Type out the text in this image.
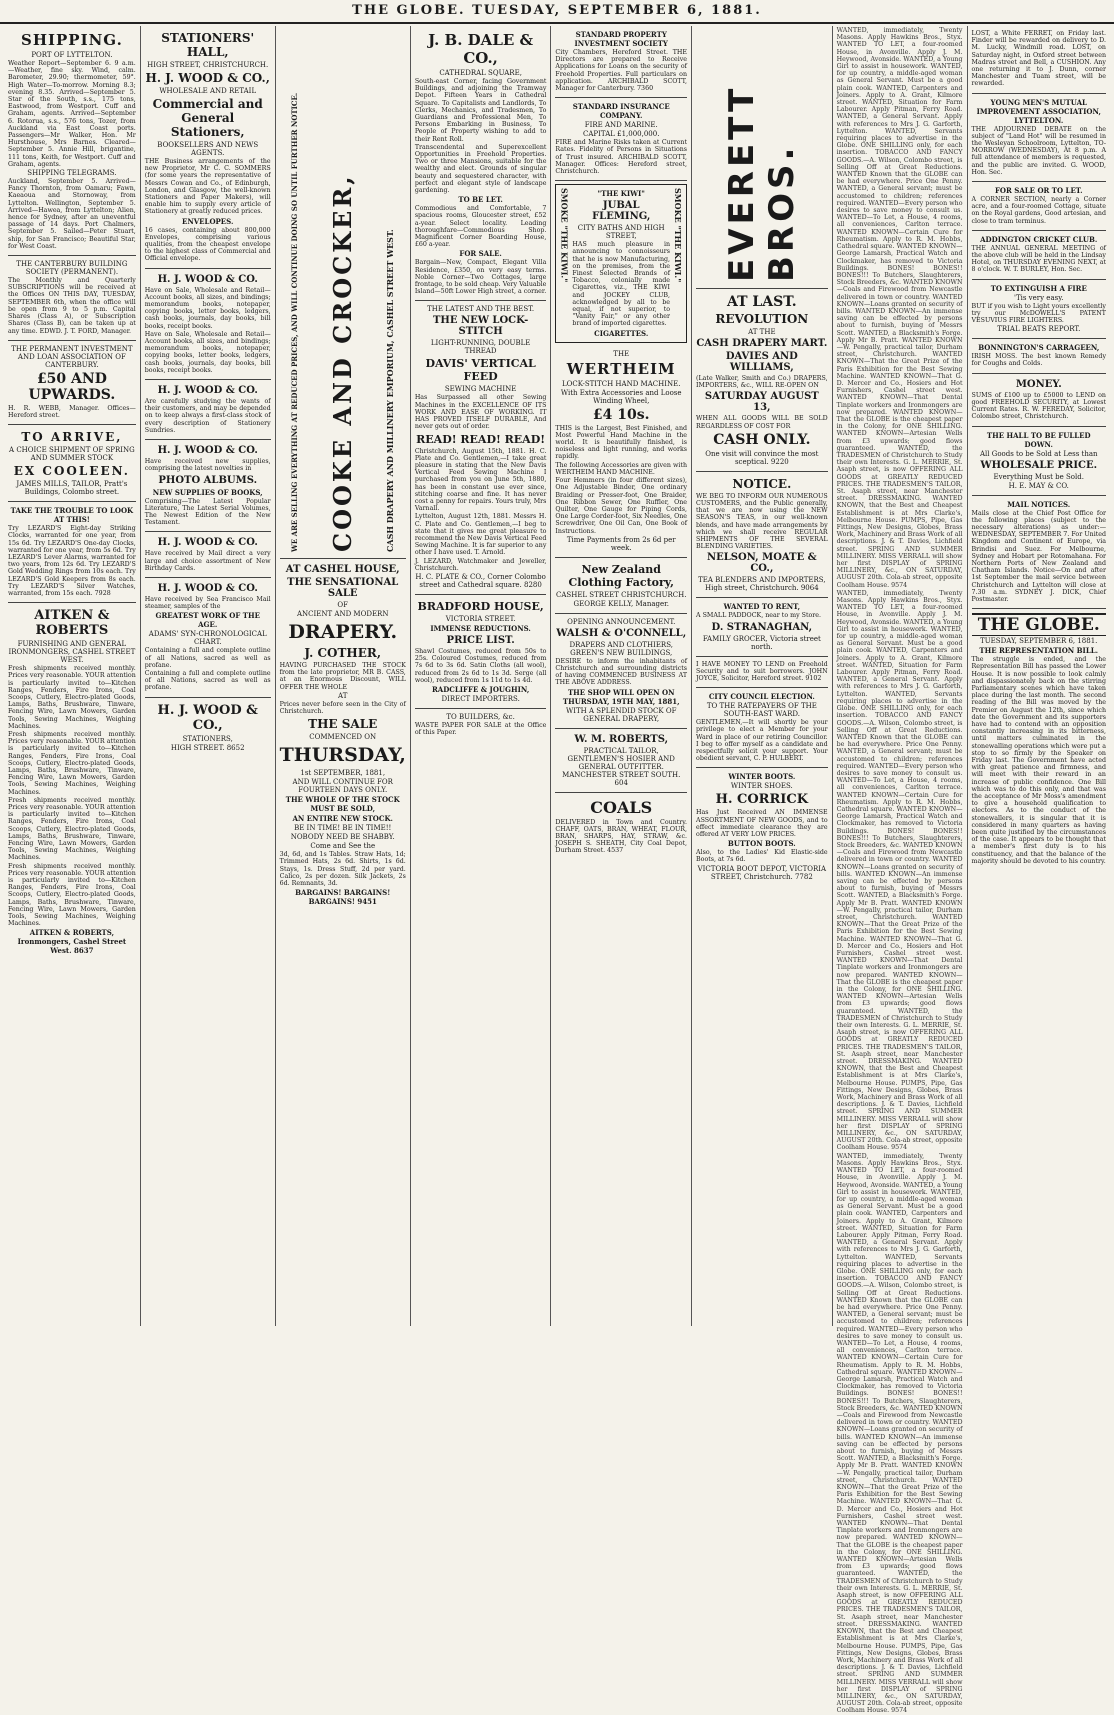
THE GLOBE. TUESDAY, SEPTEMBER 6, 1881.
SHIPPING.
PORT OF LYTTELTON.

Weather Report—September 6. 9 a.m.—Weather, fine sky. Wind, calm. Barometer, 29.90; thermometer, 59°. High Water—To-morrow. Morning 8.3; evening 8.35. Arrived—September 5. Star of the South, s.s., 175 tons, Eastwood, from Westport. Cuff and Graham, agents. Arrived—September 6. Rotorua, s.s., 576 tons, Tozer, from Auckland via East Coast ports. Passengers—Mr Walker, Hon. Mr Hursthouse, Mrs Barnes. Cleared—September 5. Annie Hill, brigantine, 111 tons, Keith, for Westport. Cuff and Graham, agents.

SHIPPING TELEGRAMS.

Auckland, September 5. Arrived—Fancy Thornton, from Oamaru; Fawn, Kaeaoua and Stornoway, from Lyttelton. Wellington, September 5. Arrived—Hawea, from Lyttelton; Alien, hence for Sydney, after an uneventful passage of 14 days. Port Chalmers, September 5. Sailed—Peter Stuart, ship, for San Francisco; Beautiful Star, for West Coast.

THE CANTERBURY BUILDING SOCIETY (PERMANENT).

The Monthly and Quarterly SUBSCRIPTIONS will be received at the Offices ON THIS DAY, TUESDAY, SEPTEMBER 6th, when the office will be open from 9 to 5 p.m. Capital Shares (Class A), or Subscription Shares (Class B), can be taken up at any time. EDWD. J. T. FORD, Manager.

THE PERMANENT INVESTMENT AND LOAN ASSOCIATION OF CANTERBURY.
£50 AND UPWARDS.

H. R. WEBB, Manager. Offices—Hereford street.

TO ARRIVE,
A CHOICE SHIPMENT OF SPRING AND SUMMER STOCK
EX COOLEEN.
JAMES MILLS, TAILOR, Pratt's Buildings, Colombo street.
TAKE THE TROUBLE TO LOOK AT THIS!

Try LEZARD'S Eight-day Striking Clocks, warranted for one year, from 15s 6d. Try LEZARD'S One-day Clocks, warranted for one year, from 5s 6d. Try LEZARD'S Lever Alarms, warranted for two years, from 12s 6d. Try LEZARD'S Gold Wedding Rings from 10s each. Try LEZARD'S Gold Keepers from 8s each. Try LEZARD'S Silver Watches, warranted, from 15s each. 7928

AITKEN & ROBERTS
FURNISHING AND GENERAL IRONMONGERS, CASHEL STREET WEST.

Fresh shipments received monthly. Prices very reasonable. YOUR attention is particularly invited to—Kitchen Ranges, Fenders, Fire Irons, Coal Scoops, Cutlery, Electro-plated Goods, Lamps, Baths, Brushware, Tinware, Fencing Wire, Lawn Mowers, Garden Tools, Sewing Machines, Weighing Machines.

Fresh shipments received monthly. Prices very reasonable. YOUR attention is particularly invited to—Kitchen Ranges, Fenders, Fire Irons, Coal Scoops, Cutlery, Electro-plated Goods, Lamps, Baths, Brushware, Tinware, Fencing Wire, Lawn Mowers, Garden Tools, Sewing Machines, Weighing Machines.

Fresh shipments received monthly. Prices very reasonable. YOUR attention is particularly invited to—Kitchen Ranges, Fenders, Fire Irons, Coal Scoops, Cutlery, Electro-plated Goods, Lamps, Baths, Brushware, Tinware, Fencing Wire, Lawn Mowers, Garden Tools, Sewing Machines, Weighing Machines.

Fresh shipments received monthly. Prices very reasonable. YOUR attention is particularly invited to—Kitchen Ranges, Fenders, Fire Irons, Coal Scoops, Cutlery, Electro-plated Goods, Lamps, Baths, Brushware, Tinware, Fencing Wire, Lawn Mowers, Garden Tools, Sewing Machines, Weighing Machines.

AITKEN & ROBERTS, Ironmongers, Cashel Street West. 8637
STATIONERS' HALL,
HIGH STREET, CHRISTCHURCH.
H. J. WOOD & CO.,
WHOLESALE AND RETAIL
Commercial and General Stationers,
BOOKSELLERS AND NEWS AGENTS.

THE Business arrangements of the new Proprietor, Mr C. C. SOMMERS (for some years the representative of Messrs Cowan and Co., of Edinburgh, London, and Glasgow, the well-known Stationers and Paper Makers), will enable him to supply every article of Stationery at greatly reduced prices.

ENVELOPES.

16 cases, containing about 800,000 Envelopes, comprising various qualities, from the cheapest envelope to the highest class of Commercial and Official envelope.

H. J. WOOD & CO.

Have on Sale, Wholesale and Retail—Account books, all sizes, and bindings; memorandum books, notepaper, copying books, letter books, ledgers, cash books, journals, day books, bill books, receipt books.

Have on Sale, Wholesale and Retail—Account books, all sizes, and bindings; memorandum books, notepaper, copying books, letter books, ledgers, cash books, journals, day books, bill books, receipt books.

H. J. WOOD & CO.

Are carefully studying the wants of their customers, and may be depended on to keep always a first-class stock of every description of Stationery Sundries.

H. J. WOOD & CO.

Have received new supplies, comprising the latest novelties in

PHOTO ALBUMS.
NEW SUPPLIES OF BOOKS,

Comprising—The Latest Popular Literature, The Latest Serial Volumes, The Newest Edition of the New Testament.

H. J. WOOD & CO.

Have received by Mail direct a very large and choice assortment of New Birthday Cards.

H. J. WOOD & CO.

Have received by Sea Francisco Mail steamer, samples of the

GREATEST WORK OF THE AGE.
ADAMS' SYN-CHRONOLOGICAL CHART.

Containing a full and complete outline of all Nations, sacred as well as profane.

Containing a full and complete outline of all Nations, sacred as well as profane.

H. J. WOOD & CO.,
STATIONERS,
HIGH STREET. 8652
WE ARE SELLING EVERYTHING AT REDUCED PRICES, AND WILL CONTINUE DOING SO UNTIL FURTHER NOTICE. COOKE AND CROCKER,	CASH DRAPERY AND MILLINERY EMPORIUM, CASHEL STREET WEST.
AT CASHEL HOUSE,
THE SENSATIONAL SALE
OF
ANCIENT AND MODERN
DRAPERY.
J. COTHER,

HAVING PURCHASED THE STOCK from the late proprietor, MR B. CASS, at an Enormous Discount, WILL OFFER THE WHOLE

AT

Prices never before seen in the City of Christchurch.

THE SALE
COMMENCED ON
THURSDAY,
1st SEPTEMBER, 1881,
AND WILL CONTINUE FOR FOURTEEN DAYS ONLY.
THE WHOLE OF THE STOCK MUST BE SOLD,
AN ENTIRE NEW STOCK.
BE IN TIME! BE IN TIME!!
NOBODY NEED BE SHABBY.
Come and See the

3d, 6d, and 1s Tables. Straw Hats, 1d; Trimmed Hats, 2s 6d. Shirts, 1s 6d. Stays, 1s. Dress Stuff, 2d per yard. Calico, 2s per dozen. Silk Jackets, 2s 6d. Remnants, 3d.

BARGAINS! BARGAINS! BARGAINS! 9451
J. B. DALE & CO.,
CATHEDRAL SQUARE,

South-east Corner, facing Government Buildings, and adjoining the Tramway Depot. Fifteen Years in Cathedral Square. To Capitalists and Landlords, To Clerks, Mechanics, and Tradesmen, To Guardians and Professional Men, To Persons Embarking in Business, To People of Property wishing to add to their Rent Roll.

Transcendental and Superexcellent Opportunities in Freehold Properties. Two or three Mansions, suitable for the wealthy and elect. Grounds of singular beauty and sequestered character, with perfect and elegant style of landscape gardening.

TO BE LET.

Commodious and Comfortable, 7 spacious rooms, Gloucester street, £52 a-year. Select locality. Leading thoroughfare—Commodious Shop. Magnificent Corner Boarding House, £60 a-year.

FOR SALE.

Bargain—New, Compact, Elegant Villa Residence, £350, on very easy terms. Noble Corner—Two Cottages, large frontage, to be sold cheap. Very Valuable Island—50ft Lower High street, a corner.

THE LATEST AND THE BEST.
THE NEW LOCK-STITCH
LIGHT-RUNNING, DOUBLE THREAD
DAVIS' VERTICAL FEED
SEWING MACHINE

Has Surpassed all other Sewing Machines in the EXCELLENCE OF ITS WORK AND EASE OF WORKING. IT HAS PROVED ITSELF DURABLE, And never gets out of order.

READ! READ! READ!

Christchurch, August 15th, 1881. H. C. Plate and Co. Gentlemen,—I take great pleasure in stating that the New Davis Vertical Feed Sewing Machine I purchased from you on June 5th, 1880, has been in constant use ever since, stitching coarse and fine. It has never cost a penny for repairs. Yours truly, Mrs Varnall.

Lyttelton, August 12th, 1881. Messrs H. C. Plate and Co. Gentlemen,—I beg to state that it gives me great pleasure to recommend the New Davis Vertical Feed Sewing Machine. It is far superior to any other I have used. T. Arnold.

J. LEZARD, Watchmaker and Jeweller, Christchurch.

H. C. PLATE & CO., Corner Colombo street and Cathedral square. 8280
BRADFORD HOUSE,
VICTORIA STREET.
IMMENSE REDUCTIONS.
PRICE LIST.

Shawl Costumes, reduced from 50s to 25s. Coloured Costumes, reduced from 7s 6d to 3s 6d. Satin Cloths (all wool), reduced from 2s 6d to 1s 3d. Serge (all wool), reduced from 1s 11d to 1s 4d.

RADCLIFFE & JOUGHIN,
DIRECT IMPORTERS.
TO BUILDERS, &c.

WASTE PAPER FOR SALE at the Office of this Paper.

STANDARD PROPERTY INVESTMENT SOCIETY

City Chambers, Hereford Street. THE Directors are prepared to Receive Applications for Loans on the security of Freehold Properties. Full particulars on application. ARCHIBALD SCOTT, Manager for Canterbury. 7360

STANDARD INSURANCE COMPANY.
FIRE AND MARINE.
CAPITAL £1,000,000.

FIRE and Marine Risks taken at Current Rates. Fidelity of Persons in Situations of Trust insured. ARCHIBALD SCOTT, Manager. Offices: Hereford street, Christchurch.

SMOKE "THE KIWI."	"THE KIWI"
JUBAL FLEMING,
CITY BATHS AND HIGH STREET,

HAS much pleasure in announcing to connoisseurs that he is now Manufacturing, on the premises, from the Finest Selected Brands of Tobacco, colonially made Cigarettes, viz., THE KIWI and JOCKEY CLUB, acknowledged by all to be equal, if not superior, to "Vanity Fair," or any other brand of imported cigarettes.

CIGARETTES.
SMOKE "THE KIWI."
THE
WERTHEIM
LOCK-STITCH HAND MACHINE.
With Extra Accessories and Loose Winding Wheel,
£4 10s.

THIS is the Largest, Best Finished, and Most Powerful Hand Machine in the world. It is beautifully finished, is noiseless and light running, and works rapidly.

The following Accessories are given with WERTHEIM HAND MACHINE.

Four Hemmers (in four different sizes), One Adjustable Binder, One ordinary Braiding or Presser-foot, One Braider, One Ribbon Sewer, One Ruffler, One Quilter, One Gauge for Piping Cords, One Large Corder-foot, Six Needles, One Screwdriver, One Oil Can, One Book of Instructions.

Time Payments from 2s 6d per week.
New Zealand Clothing Factory,
CASHEL STREET CHRISTCHURCH.
GEORGE KELLY, Manager.
OPENING ANNOUNCEMENT.
WALSH & O'CONNELL,
DRAPERS AND CLOTHIERS, GREEN'S NEW BUILDINGS,

DESIRE to inform the inhabitants of Christchurch and surrounding districts of having COMMENCED BUSINESS AT THE ABOVE ADDRESS.

THE SHOP WILL OPEN ON THURSDAY, 19TH MAY, 1881,
WITH A SPLENDID STOCK OF GENERAL DRAPERY,
W. M. ROBERTS,
PRACTICAL TAILOR, GENTLEMEN'S HOSIER AND GENERAL OUTFITTER. MANCHESTER STREET SOUTH. 604
COALS

DELIVERED in Town and Country. CHAFF, OATS, BRAN, WHEAT, FLOUR, BRAN, SHARPS, HAY, STRAW, &c. JOSEPH S. SHEATH, City Coal Depot, Durham Street. 4537

EVERETT BROS.
AT LAST.
REVOLUTION
AT THE
CASH DRAPERY MART.
DAVIES AND WILLIAMS,

(Late Walker, Smith and Co.) DRAPERS, IMPORTERS, &c., WILL RE-OPEN ON

SATURDAY AUGUST 13,

WHEN ALL GOODS WILL BE SOLD REGARDLESS OF COST FOR

CASH ONLY.
One visit will convince the most sceptical. 9220
NOTICE.

WE BEG TO INFORM OUR NUMEROUS CUSTOMERS, and the Public generally, that we are now using the NEW SEASON'S TEAS, in our well-known blends, and have made arrangements by which we shall receive REGULAR SHIPMENTS OF THE SEVERAL BLENDING VARIETIES.

NELSON, MOATE & CO.,
TEA BLENDERS AND IMPORTERS, High street, Christchurch. 9064
WANTED TO RENT,

A SMALL PADDOCK, near to my Store.

D. STRANAGHAN,
FAMILY GROCER, Victoria street north.

I HAVE MONEY TO LEND on Freehold Security and to suit borrowers. JOHN JOYCE, Solicitor, Hereford street. 9102

CITY COUNCIL ELECTION.
TO THE RATEPAYERS OF THE SOUTH-EAST WARD.

GENTLEMEN,—It will shortly be your privilege to elect a Member for your Ward in place of our retiring Councillor. I beg to offer myself as a candidate and respectfully solicit your support. Your obedient servant, C. P. HULBERT.

WINTER BOOTS.
WINTER SHOES.
H. CORRICK

Has Just Received AN IMMENSE ASSORTMENT OF NEW GOODS, and to effect immediate clearance they are offered AT VERY LOW PRICES.

BUTTON BOOTS.

Also, to the Ladies' Kid Elastic-side Boots, at 7s 6d.

VICTORIA BOOT DEPOT, VICTORIA STREET, Christchurch. 7782

WANTED, immediately, Twenty Masons. Apply Hawkins Bros., Styx. WANTED TO LET, a four-roomed House, in Avonville. Apply J. M. Heywood, Avonside. WANTED, a Young Girl to assist in housework. WANTED, for up country, a middle-aged woman as General Servant. Must be a good plain cook. WANTED, Carpenters and Joiners. Apply to A. Grant, Kilmore street. WANTED, Situation for Farm Labourer. Apply Pitman, Ferry Road. WANTED, a General Servant. Apply with references to Mrs J. G. Garforth, Lyttelton. WANTED, Servants requiring places to advertise in the Globe. ONE SHILLING only, for each insertion. TOBACCO AND FANCY GOODS.—A. Wilson, Colombo street, is Selling Off at Great Reductions. WANTED Known that the GLOBE can be had everywhere. Price One Penny. WANTED, a General servant; must be accustomed to children; references required. WANTED—Every person who desires to save money to consult us. WANTED—To Let, a House, 4 rooms, all conveniences, Carlton terrace. WANTED KNOWN—Certain Cure for Rheumatism. Apply to R. M. Hobbs, Cathedral square. WANTED KNOWN—George Lamarsh, Practical Watch and Clockmaker, has removed to Victoria Buildings. BONES! BONES!! BONES!!! To Butchers, Slaughterers, Stock Breeders, &c. WANTED KNOWN—Coals and Firewood from Newcastle delivered in town or country. WANTED KNOWN—Loans granted on security of bills. WANTED KNOWN—An immense saving can be effected by persons about to furnish, buying of Messrs Scott. WANTED, a Blacksmith's Forge. Apply Mr B. Pratt. WANTED KNOWN—W. Pengally, practical tailor, Durham street, Christchurch. WANTED KNOWN—That the Great Prize of the Paris Exhibition for the Best Sewing Machine. WANTED KNOWN—That G. D. Mercer and Co., Hosiers and Hot Furnishers, Cashel street west. WANTED KNOWN—That Dental Tinplate workers and Ironmongers are now prepared. WANTED KNOWN—That the GLOBE is the cheapest paper in the Colony, for ONE SHILLING. WANTED KNOWN—Artesian Wells from £3 upwards; good flows guaranteed. WANTED, the TRADESMEN of Christchurch to Study their own Interests. G. L. MERRIE, St. Asaph street, is now OFFERING ALL GOODS at GREATLY REDUCED PRICES. THE TRADESMEN'S TAILOR, St. Asaph street, near Manchester street. DRESSMAKING. WANTED KNOWN, that the Best and Cheapest Establishment is at Mrs Clarke's, Melbourne House. PUMPS, Pipe, Gas Fittings, New Designs, Globes, Brass Work, Machinery and Brass Work of all descriptions. J. & T. Davies, Lichfield street. SPRING AND SUMMER MILLINERY. MISS VERRALL will show her first DISPLAY of SPRING MILLINERY, &c., ON SATURDAY, AUGUST 20th. Cola-ab street, opposite Coolham House. 9574

WANTED, immediately, Twenty Masons. Apply Hawkins Bros., Styx. WANTED TO LET, a four-roomed House, in Avonville. Apply J. M. Heywood, Avonside. WANTED, a Young Girl to assist in housework. WANTED, for up country, a middle-aged woman as General Servant. Must be a good plain cook. WANTED, Carpenters and Joiners. Apply to A. Grant, Kilmore street. WANTED, Situation for Farm Labourer. Apply Pitman, Ferry Road. WANTED, a General Servant. Apply with references to Mrs J. G. Garforth, Lyttelton. WANTED, Servants requiring places to advertise in the Globe. ONE SHILLING only, for each insertion. TOBACCO AND FANCY GOODS.—A. Wilson, Colombo street, is Selling Off at Great Reductions. WANTED Known that the GLOBE can be had everywhere. Price One Penny. WANTED, a General servant; must be accustomed to children; references required. WANTED—Every person who desires to save money to consult us. WANTED—To Let, a House, 4 rooms, all conveniences, Carlton terrace. WANTED KNOWN—Certain Cure for Rheumatism. Apply to R. M. Hobbs, Cathedral square. WANTED KNOWN—George Lamarsh, Practical Watch and Clockmaker, has removed to Victoria Buildings. BONES! BONES!! BONES!!! To Butchers, Slaughterers, Stock Breeders, &c. WANTED KNOWN—Coals and Firewood from Newcastle delivered in town or country. WANTED KNOWN—Loans granted on security of bills. WANTED KNOWN—An immense saving can be effected by persons about to furnish, buying of Messrs Scott. WANTED, a Blacksmith's Forge. Apply Mr B. Pratt. WANTED KNOWN—W. Pengally, practical tailor, Durham street, Christchurch. WANTED KNOWN—That the Great Prize of the Paris Exhibition for the Best Sewing Machine. WANTED KNOWN—That G. D. Mercer and Co., Hosiers and Hot Furnishers, Cashel street west. WANTED KNOWN—That Dental Tinplate workers and Ironmongers are now prepared. WANTED KNOWN—That the GLOBE is the cheapest paper in the Colony, for ONE SHILLING. WANTED KNOWN—Artesian Wells from £3 upwards; good flows guaranteed. WANTED, the TRADESMEN of Christchurch to Study their own Interests. G. L. MERRIE, St. Asaph street, is now OFFERING ALL GOODS at GREATLY REDUCED PRICES. THE TRADESMEN'S TAILOR, St. Asaph street, near Manchester street. DRESSMAKING. WANTED KNOWN, that the Best and Cheapest Establishment is at Mrs Clarke's, Melbourne House. PUMPS, Pipe, Gas Fittings, New Designs, Globes, Brass Work, Machinery and Brass Work of all descriptions. J. & T. Davies, Lichfield street. SPRING AND SUMMER MILLINERY. MISS VERRALL will show her first DISPLAY of SPRING MILLINERY, &c., ON SATURDAY, AUGUST 20th. Cola-ab street, opposite Coolham House. 9574

WANTED, immediately, Twenty Masons. Apply Hawkins Bros., Styx. WANTED TO LET, a four-roomed House, in Avonville. Apply J. M. Heywood, Avonside. WANTED, a Young Girl to assist in housework. WANTED, for up country, a middle-aged woman as General Servant. Must be a good plain cook. WANTED, Carpenters and Joiners. Apply to A. Grant, Kilmore street. WANTED, Situation for Farm Labourer. Apply Pitman, Ferry Road. WANTED, a General Servant. Apply with references to Mrs J. G. Garforth, Lyttelton. WANTED, Servants requiring places to advertise in the Globe. ONE SHILLING only, for each insertion. TOBACCO AND FANCY GOODS.—A. Wilson, Colombo street, is Selling Off at Great Reductions. WANTED Known that the GLOBE can be had everywhere. Price One Penny. WANTED, a General servant; must be accustomed to children; references required. WANTED—Every person who desires to save money to consult us. WANTED—To Let, a House, 4 rooms, all conveniences, Carlton terrace. WANTED KNOWN—Certain Cure for Rheumatism. Apply to R. M. Hobbs, Cathedral square. WANTED KNOWN—George Lamarsh, Practical Watch and Clockmaker, has removed to Victoria Buildings. BONES! BONES!! BONES!!! To Butchers, Slaughterers, Stock Breeders, &c. WANTED KNOWN—Coals and Firewood from Newcastle delivered in town or country. WANTED KNOWN—Loans granted on security of bills. WANTED KNOWN—An immense saving can be effected by persons about to furnish, buying of Messrs Scott. WANTED, a Blacksmith's Forge. Apply Mr B. Pratt. WANTED KNOWN—W. Pengally, practical tailor, Durham street, Christchurch. WANTED KNOWN—That the Great Prize of the Paris Exhibition for the Best Sewing Machine. WANTED KNOWN—That G. D. Mercer and Co., Hosiers and Hot Furnishers, Cashel street west. WANTED KNOWN—That Dental Tinplate workers and Ironmongers are now prepared. WANTED KNOWN—That the GLOBE is the cheapest paper in the Colony, for ONE SHILLING. WANTED KNOWN—Artesian Wells from £3 upwards; good flows guaranteed. WANTED, the TRADESMEN of Christchurch to Study their own Interests. G. L. MERRIE, St. Asaph street, is now OFFERING ALL GOODS at GREATLY REDUCED PRICES. THE TRADESMEN'S TAILOR, St. Asaph street, near Manchester street. DRESSMAKING. WANTED KNOWN, that the Best and Cheapest Establishment is at Mrs Clarke's, Melbourne House. PUMPS, Pipe, Gas Fittings, New Designs, Globes, Brass Work, Machinery and Brass Work of all descriptions. J. & T. Davies, Lichfield street. SPRING AND SUMMER MILLINERY. MISS VERRALL will show her first DISPLAY of SPRING MILLINERY, &c., ON SATURDAY, AUGUST 20th. Cola-ab street, opposite Coolham House. 9574

LOST, a White FERRET, on Friday last. Finder will be rewarded on delivery to D. M. Lucky, Windmill road. LOST, on Saturday night, in Oxford street between Madras street and Bell, a CUSHION. Any one returning it to J. Dunn, corner Manchester and Tuam street, will be rewarded.

YOUNG MEN'S MUTUAL IMPROVEMENT ASSOCIATION, LYTTELTON.

THE ADJOURNED DEBATE on the subject of "Land Hot" will be resumed in the Wesleyan Schoolroom, Lyttelton, TO-MORROW (WEDNESDAY), At 8 p.m. A full attendance of members is requested, and the public are invited. G. WOOD, Hon. Sec.

FOR SALE OR TO LET.

A CORNER SECTION, nearly a Corner acre, and a four-roomed Cottage, situate on the Royal gardens, Good artesian, and close to tram terminus.

ADDINGTON CRICKET CLUB.

THE ANNUAL GENERAL MEETING of the above club will be held in the Lindsay Hotel, on THURSDAY EVENING NEXT, at 8 o'clock. W. T. BURLEY, Hon. Sec.

TO EXTINGUISH A FIRE
'Tis very easy.

BUT if you wish to Light yours excellently try our McDOWELL'S PATENT VESUVIUS FIRE LIGHTERS.

TRIAL BEATS REPORT.
BONNINGTON'S CARRAGEEN,

IRISH MOSS. The best known Remedy for Coughs and Colds.

MONEY.

SUMS of £100 up to £5000 to LEND on good FREEHOLD SECURITY, at Lowest Current Rates. R. W. FEREDAY, Solicitor, Colombo street, Christchurch.

THE HALL TO BE FULLED DOWN.
All Goods to be Sold at Less than
WHOLESALE PRICE.
Everything Must be Sold.
H. E. MAY & CO.
MAIL NOTICES.

Mails close at the Chief Post Office for the following places (subject to the necessary alterations) as under:— WEDNESDAY, SEPTEMBER 7. For United Kingdom and Continent of Europe, via Brindisi and Suez. For Melbourne, Sydney and Hobart per Rotomahana. For Northern Ports of New Zealand and Chatham Islands. Notice—On and after 1st September the mail service between Christchurch and Lyttelton will close at 7.30 a.m. SYDNEY J. DICK, Chief Postmaster.

THE GLOBE.
TUESDAY, SEPTEMBER 6, 1881.
THE REPRESENTATION BILL.

The struggle is ended, and the Representation Bill has passed the Lower House. It is now possible to look calmly and dispassionately back on the stirring Parliamentary scenes which have taken place during the last month. The second reading of the Bill was moved by the Premier on August the 12th, since which date the Government and its supporters have had to contend with an opposition constantly increasing in its bitterness, until matters culminated in the stonewalling operations which were put a stop to so firmly by the Speaker on Friday last. The Government have acted with great patience and firmness, and will meet with their reward in an increase of public confidence. One Bill which was to do this only, and that was the acceptance of Mr Moss's amendment to give a household qualification to electors. As to the conduct of the stonewallers, it is singular that it is considered in many quarters as having been quite justified by the circumstances of the case. It appears to be thought that a member's first duty is to his constituency, and that the balance of the majority should be devoted to his country.
